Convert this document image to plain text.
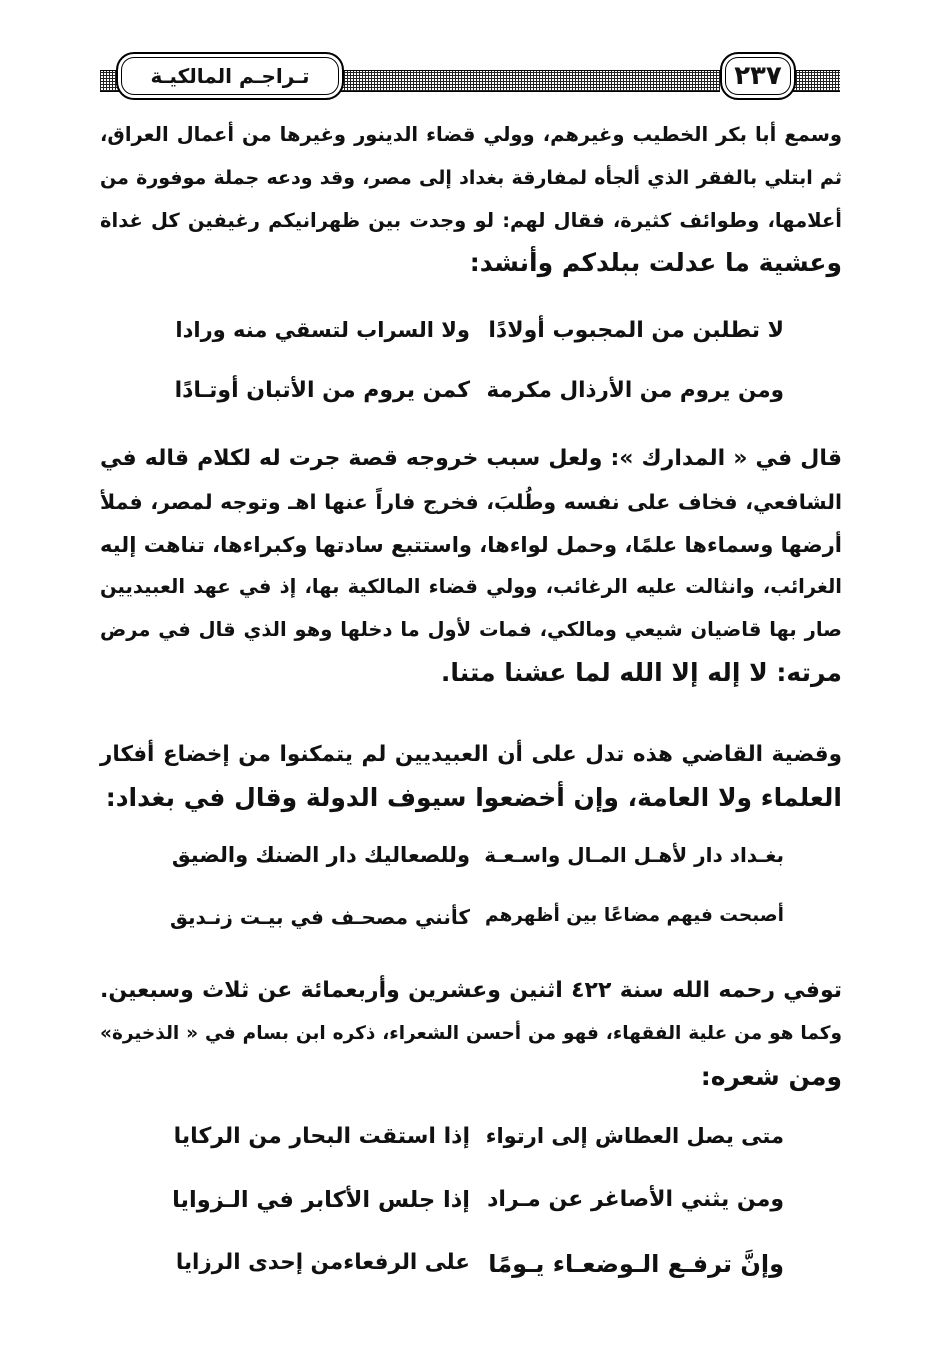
تـراجـم المالكيـة	٢٣٧
وسمع أبا بكر الخطيب وغيرهم، وولي قضاء الدينور وغيرها من أعمال العراق،
ثم ابتلي بالفقر الذي ألجأه لمفارقة بغداد إلى مصر، وقد ودعه جملة موفورة من
أعلامها، وطوائف كثيرة، فقال لهم: لو وجدت بين ظهرانيكم رغيفين كل غداة
وعشية ما عدلت ببلدكم وأنشد:
لا تطلبن من المجبوب أولادًا
ولا السراب لتسقي منه ورادا
ومن يروم من الأرذال مكرمة
كمن يروم من الأتبان أوتـادًا
قال في « المدارك »: ولعل سبب خروجه قصة جرت له لكلام قاله في
الشافعي، فخاف على نفسه وطُلبَ، فخرج فاراً عنها اهـ وتوجه لمصر، فملأ
أرضها وسماءها علمًا، وحمل لواءها، واستتبع سادتها وكبراءها، تناهت إليه
الغرائب، وانثالت عليه الرغائب، وولي قضاء المالكية بها، إذ في عهد العبيديين
صار بها قاضيان شيعي ومالكي، فمات لأول ما دخلها وهو الذي قال في مرض
مرته: لا إله إلا الله لما عشنا متنا.
وقضية القاضي هذه تدل على أن العبيديين لم يتمكنوا من إخضاع أفكار
العلماء ولا العامة، وإن أخضعوا سيوف الدولة وقال في بغداد:
بغـداد دار لأهـل المـال واسـعـة
وللصعاليك دار الضنك والضيق
أصبحت فيهم مضاعًا بين أظهرهم
كأنني مصحـف في بيـت زنـديق
توفي رحمه الله سنة ٤٢٢ اثنين وعشرين وأربعمائة عن ثلاث وسبعين.
وكما هو من علية الفقهاء، فهو من أحسن الشعراء، ذكره ابن بسام في « الذخيرة»
ومن شعره:
متى يصل العطاش إلى ارتواء
إذا استقت البحار من الركايا
ومن يثني الأصاغر عن مـراد
إذا جلس الأكابر في الـزوايا
وإنَّ ترفـع الـوضعـاء يـومًا
على الرفعاءمن إحدى الرزايا
